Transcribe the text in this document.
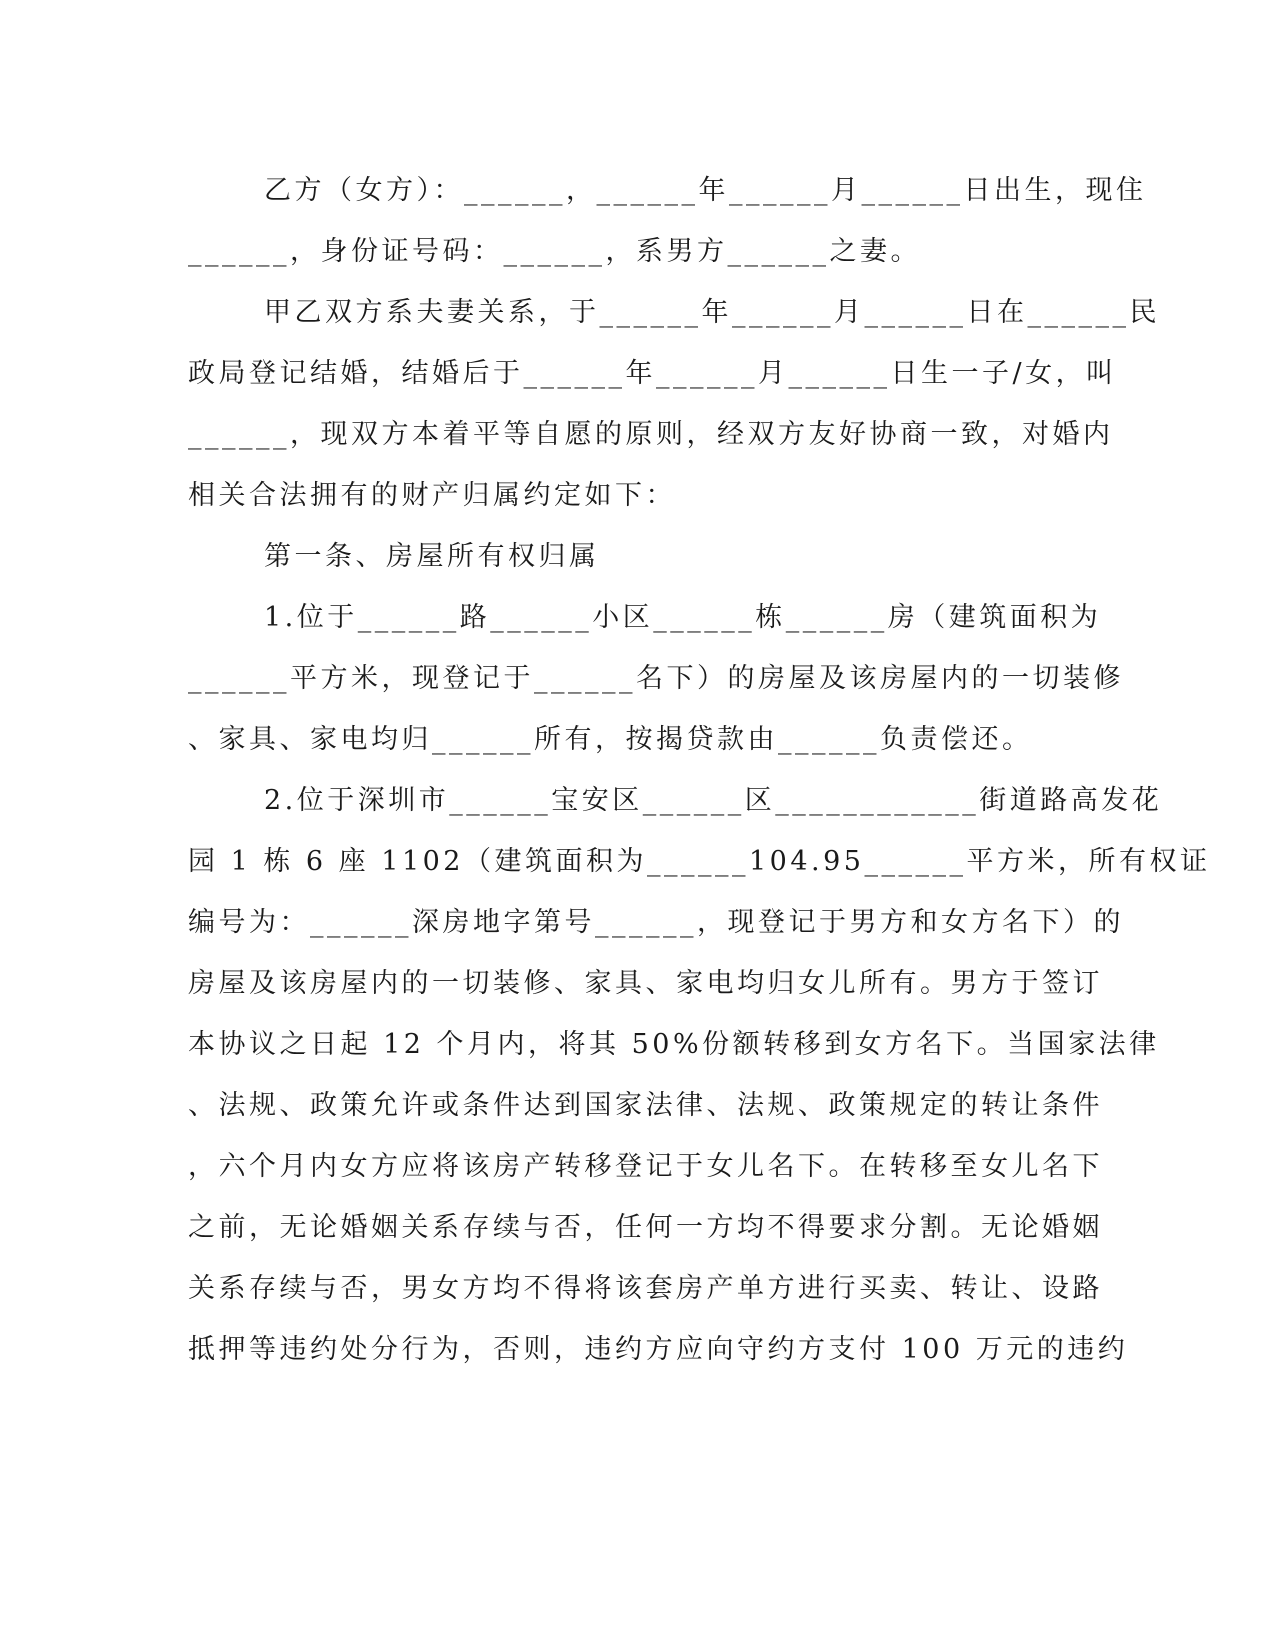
乙方（女方）：______，______年______月______日出生，现住
______，身份证号码：______，系男方______之妻。
甲乙双方系夫妻关系，于______年______月______日在______民
政局登记结婚，结婚后于______年______月______日生一子/女，叫
______，现双方本着平等自愿的原则，经双方友好协商一致，对婚内
相关合法拥有的财产归属约定如下：
第一条、房屋所有权归属
1.位于______路______小区______栋______房（建筑面积为
______平方米，现登记于______名下）的房屋及该房屋内的一切装修
、家具、家电均归______所有，按揭贷款由______负责偿还。
2.位于深圳市______宝安区______区____________街道路高发花
园 1 栋 6 座 1102（建筑面积为______104.95______平方米，所有权证
编号为：______深房地字第号______，现登记于男方和女方名下）的
房屋及该房屋内的一切装修、家具、家电均归女儿所有。男方于签订
本协议之日起 12 个月内，将其 50%份额转移到女方名下。当国家法律
、法规、政策允许或条件达到国家法律、法规、政策规定的转让条件
，六个月内女方应将该房产转移登记于女儿名下。在转移至女儿名下
之前，无论婚姻关系存续与否，任何一方均不得要求分割。无论婚姻
关系存续与否，男女方均不得将该套房产单方进行买卖、转让、设路
抵押等违约处分行为，否则，违约方应向守约方支付 100 万元的违约
